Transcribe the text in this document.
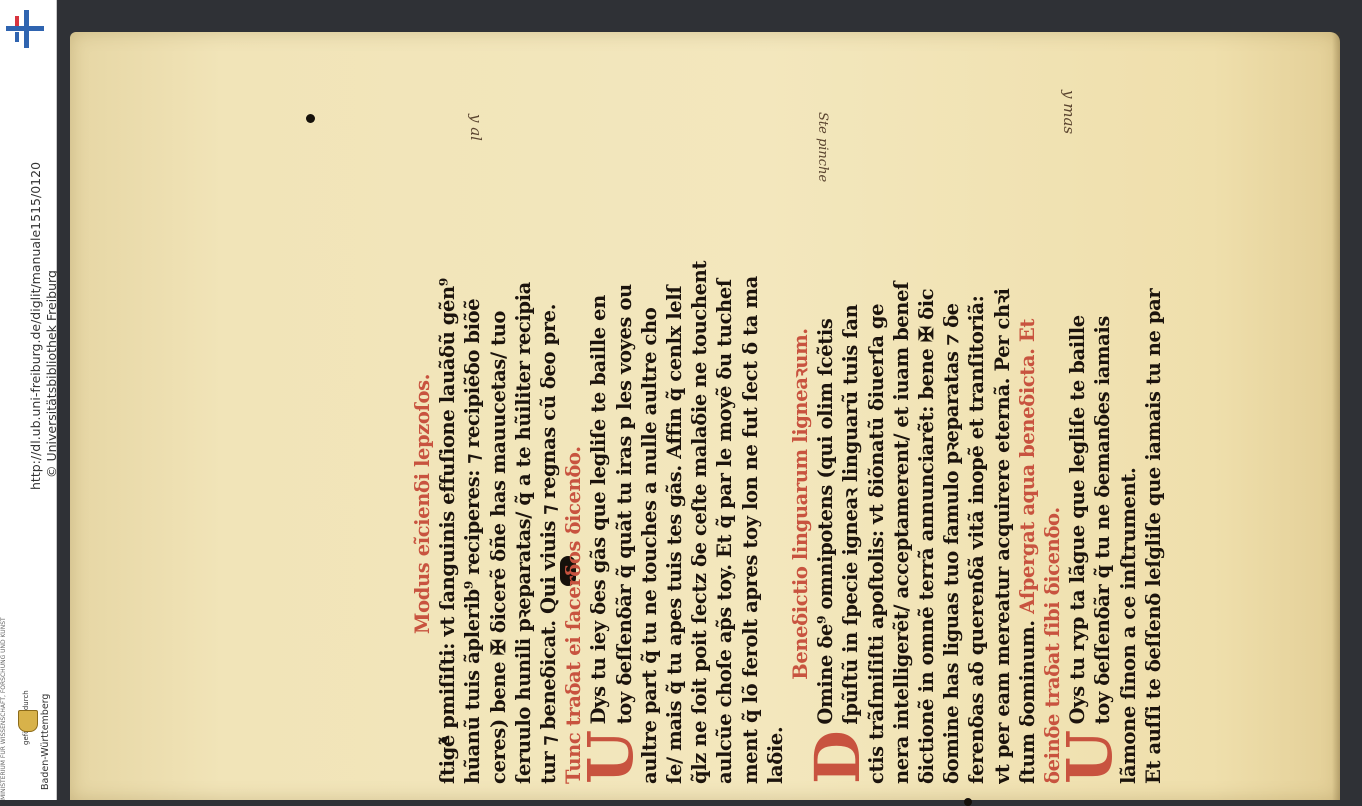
http://dl.ub.uni-freiburg.de/diglit/manuale1515/0120 © Universitätsbibliothek Freiburg
Baden-Württemberg
MINISTERIUM FÜR WISSENSCHAFT, FORSCHUNG UND KUNST
y mas
Ste pinche
y al

Modus eĩcienδi lepzoſos. ſtigẽ pmiſiſti: vt ſanguinis effuſione lauãδũ gẽn⁹ hũanũ tuis ãplerib⁹ reciperes: ⁊ recipiẽδo biõẽ ceres) bene ✠ δicerẽ δñe has mauucetas/ tuo ſeruulo hunili pꝛeparatas/ q̃ a te hũiliter recipia tur ⁊ beneδicat. Qui viuis ⁊ regnas cũ δeo pre. Tunc traδat ei ſacerδos δicenδo.

U

Dys tu iey δes gãs que legliſe te baille en toy δeſſenδãr q̃ quãt tu iras p les voyes ou aultre part q̃ tu ne touches a nulle aultre cho ſe/ mais q̃ tu apes tuis tes gãs. Affin q̃ cenlx lelſ q̃lz ne ſoit poit ſectz δe ceſte malaδie ne touchent aulcũe choſe ap̃s toy. Et q̃ par le moyẽ δu tucheſ ment q̃ lõ ferolt apres toy lon ne fut ſect δ ta ma laδie.

Beneδictio linguarum ligneaꝛum.

D

Omine δe⁹ omnipotens (qui olim ſcẽtis ſpũſtũ in ſpecie igneaꝛ linguarũ tuis ſan ctis trãſmiſiſti apoſtolis: vt δiõnatũ δiuerſa ge nera intelligerẽt/ acceptamerent/ et iuam beneſ δictionẽ in omnẽ terrã annunciarẽt: bene ✠ δic δomine has liguas tuo famulo pꝛeparatas ⁊ δe ferenδas aδ querenδã vitã inopẽ et tranſitoriã: vt per eam mereatur acquirere eternã. Per chꝛi ſtum δominum. Aſpergat aqua beneδicta. Et

δeinδe traδat ſibi δicenδo.

U

Oys tu ryp ta lãgue que legliſe te baille toy δeſſenδãr q̃ tu ne δemanδes iamais lãmone ſinon a ce inſtrument. Et auſſi te δeſſenδ leſgliſe que iamais tu ne par
